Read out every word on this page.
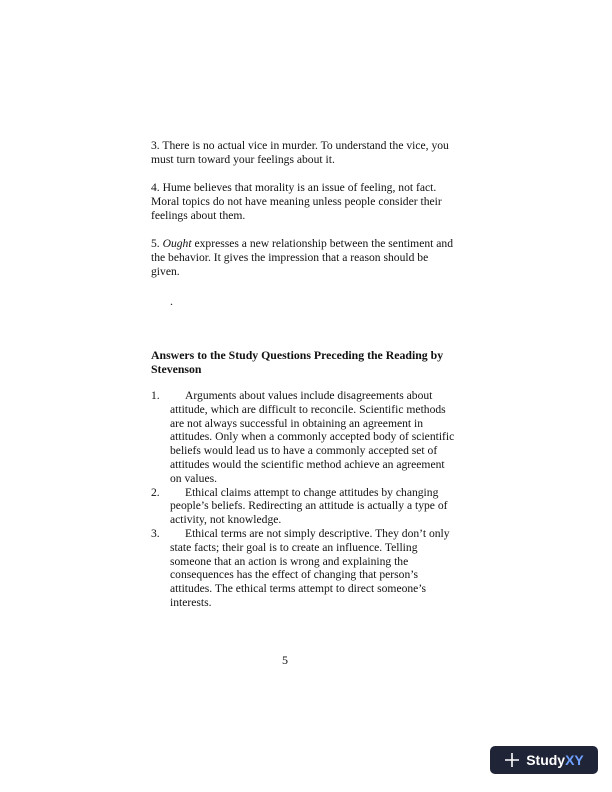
3. There is no actual vice in murder. To understand the vice, you must turn toward your feelings about it.

4. Hume believes that morality is an issue of feeling, not fact. Moral topics do not have meaning unless people consider their feelings about them.

5. Ought expresses a new relationship between the sentiment and the behavior. It gives the impression that a reason should be given.

.
Answers to the Study Questions Preceding the Reading by Stevenson
1.	Arguments about values include disagreements about attitude, which are difficult to reconcile. Scientific methods are not always successful in obtaining an agreement in attitudes. Only when a commonly accepted body of scientific beliefs would lead us to have a commonly accepted set of attitudes would the scientific method achieve an agreement on values.
2.	Ethical claims attempt to change attitudes by changing people’s beliefs. Redirecting an attitude is actually a type of activity, not knowledge.
3.	Ethical terms are not simply descriptive. They don’t only state facts; their goal is to create an influence. Telling someone that an action is wrong and explaining the consequences has the effect of changing that person’s attitudes. The ethical terms attempt to direct someone’s interests.
5
StudyXY
